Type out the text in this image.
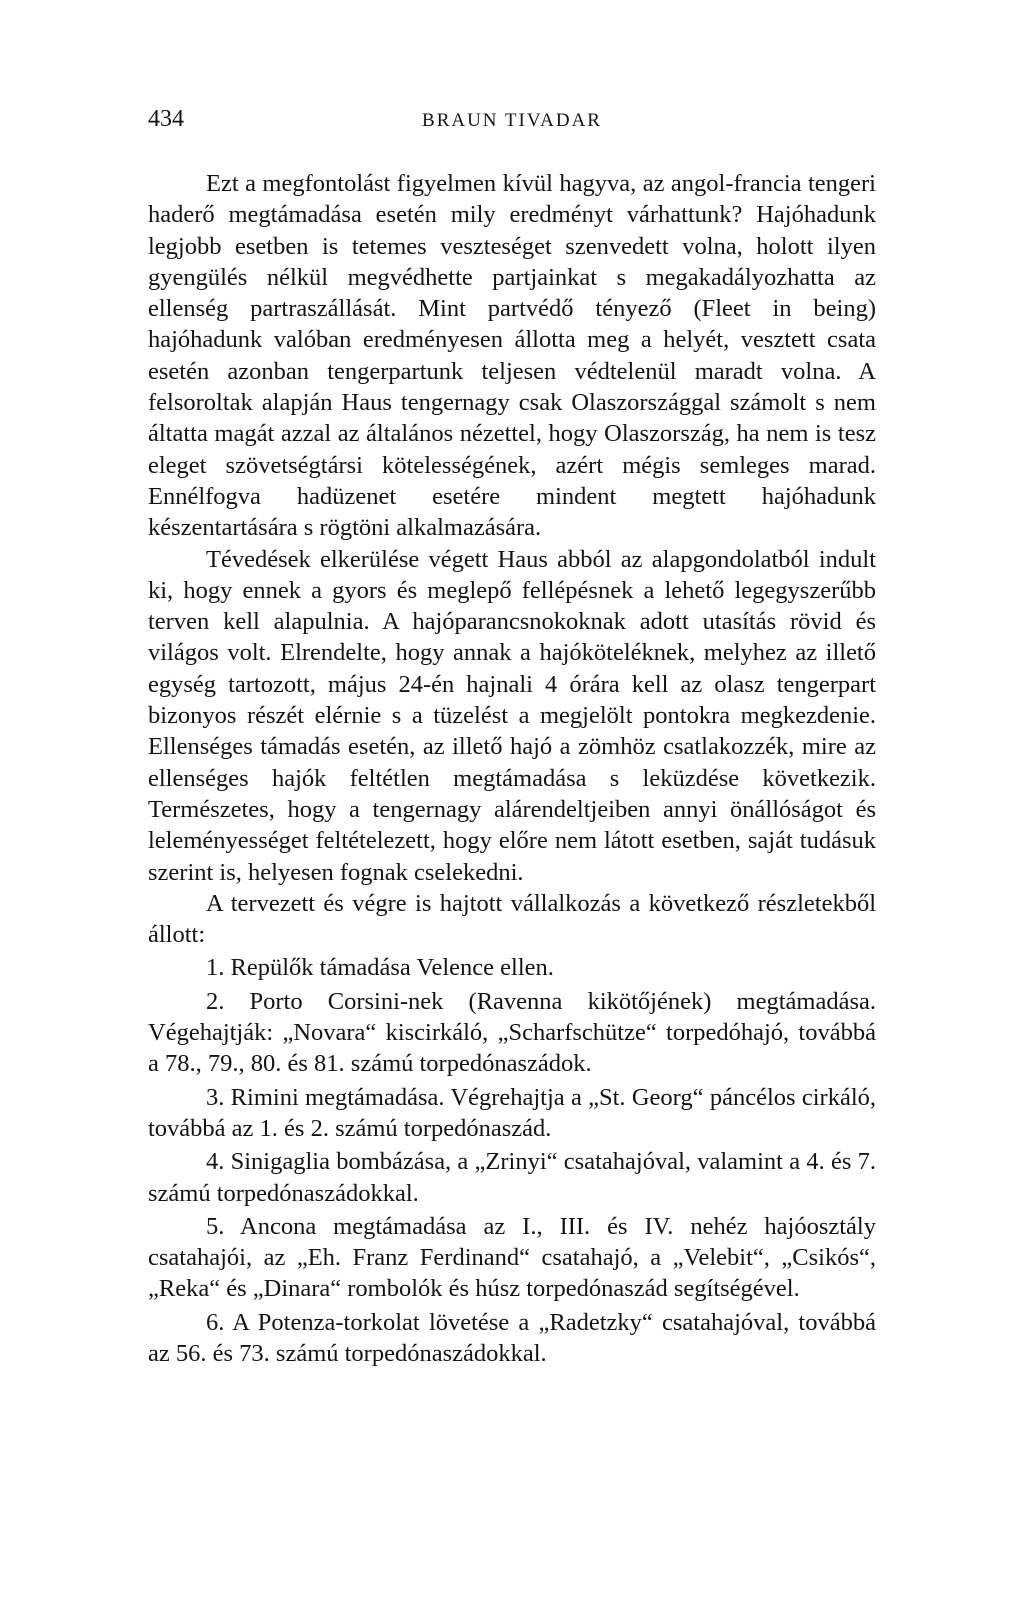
434	BRAUN TIVADAR

Ezt a megfontolást figyelmen kívül hagyva, az angol-francia tengeri haderő megtámadása esetén mily eredményt várhattunk? Hajóhadunk legjobb esetben is tetemes veszteséget szenvedett volna, holott ilyen gyengülés nélkül megvédhette partjainkat s megakadályozhatta az ellenség partraszállását. Mint partvédő tényező (Fleet in being) hajóhadunk valóban eredményesen állotta meg a helyét, vesztett csata esetén azonban tengerpartunk teljesen védtelenül maradt volna. A felsoroltak alapján Haus tengernagy csak Olaszországgal számolt s nem áltatta magát azzal az általános nézettel, hogy Olaszország, ha nem is tesz eleget szövetségtársi kötelességének, azért mégis semleges marad. Ennélfogva hadüzenet esetére mindent megtett hajóhadunk készentartására s rögtöni alkalmazására.

Tévedések elkerülése végett Haus abból az alapgondolatból indult ki, hogy ennek a gyors és meglepő fellépésnek a lehető legegyszerűbb terven kell alapulnia. A hajóparancsnokoknak adott utasítás rövid és világos volt. Elrendelte, hogy annak a hajóköteléknek, melyhez az illető egység tartozott, május 24-én hajnali 4 órára kell az olasz tengerpart bizonyos részét elérnie s a tüzelést a megjelölt pontokra megkezdenie. Ellenséges támadás esetén, az illető hajó a zömhöz csatlakozzék, mire az ellenséges hajók feltétlen megtámadása s leküzdése következik. Természetes, hogy a tengernagy alárendeltjeiben annyi önállóságot és leleményességet feltételezett, hogy előre nem látott esetben, saját tudásuk szerint is, helyesen fognak cselekedni.

A tervezett és végre is hajtott vállalkozás a következő részletekből állott:

1. Repülők támadása Velence ellen.

2. Porto Corsini-nek (Ravenna kikötőjének) megtámadása. Végehajtják: „Novara“ kiscirkáló, „Scharfschütze“ torpedóhajó, továbbá a 78., 79., 80. és 81. számú torpedónaszádok.

3. Rimini megtámadása. Végrehajtja a „St. Georg“ páncélos cirkáló, továbbá az 1. és 2. számú torpedónaszád.

4. Sinigaglia bombázása, a „Zrinyi“ csatahajóval, valamint a 4. és 7. számú torpedónaszádokkal.

5. Ancona megtámadása az I., III. és IV. nehéz hajóosztály csatahajói, az „Eh. Franz Ferdinand“ csatahajó, a „Velebit“, „Csikós“, „Reka“ és „Dinara“ rombolók és húsz torpedónaszád segítségével.

6. A Potenza-torkolat lövetése a „Radetzky“ csatahajóval, továbbá az 56. és 73. számú torpedónaszádokkal.
